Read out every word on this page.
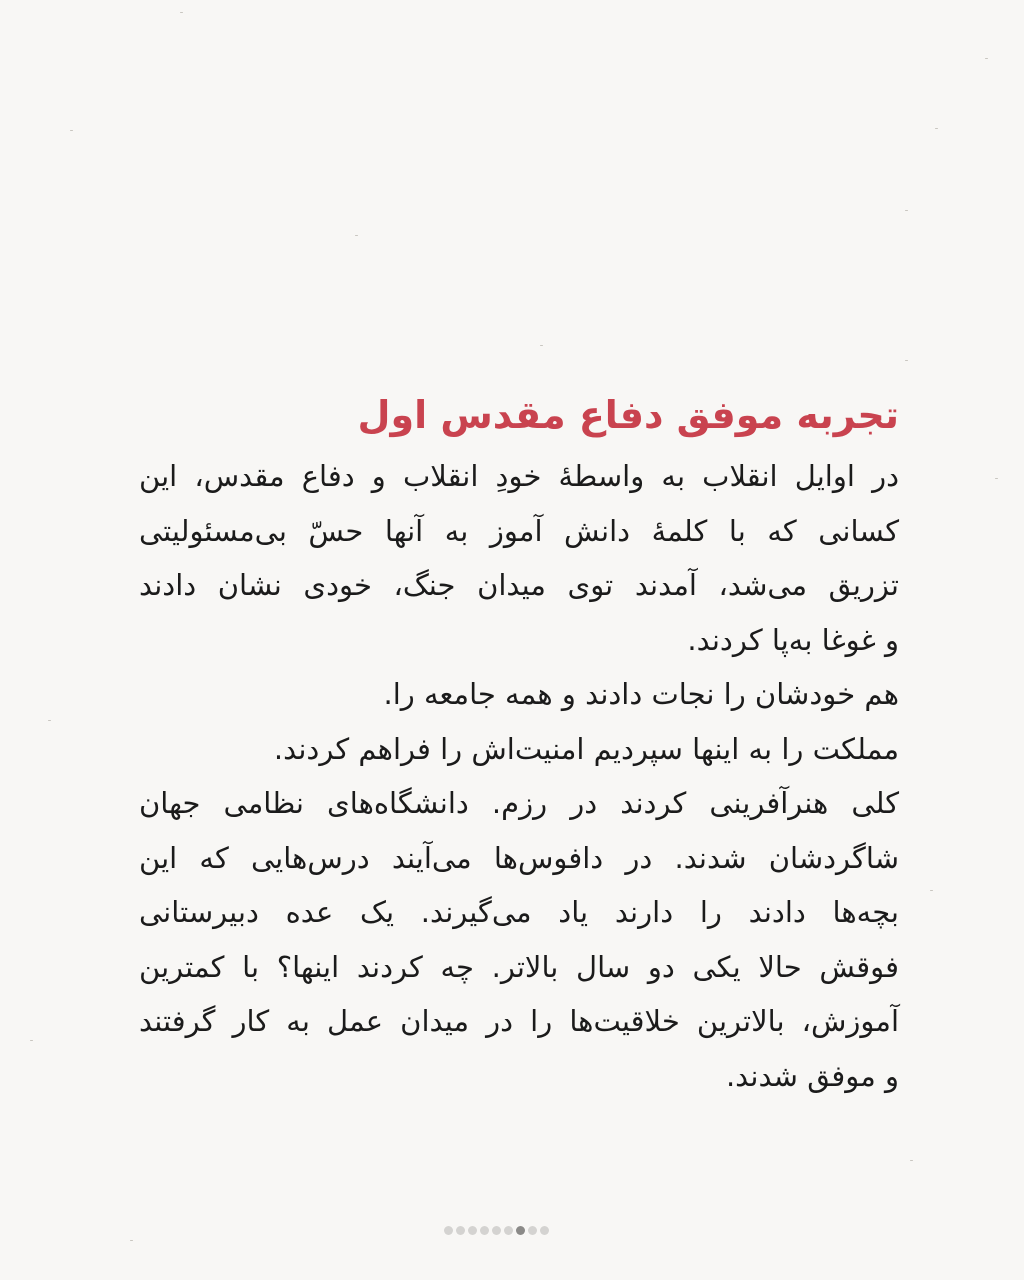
تجربه موفق دفاع مقدس اول
در اوایل انقلاب به واسطهٔ خودِ انقلاب و دفاع مقدس، این
کسانی که با کلمهٔ دانش آموز به آنها حسّ بی‌مسئولیتی
تزریق می‌شد، آمدند توی میدان جنگ، خودی نشان دادند
و غوغا به‌پا کردند.
هم خودشان را نجات دادند و همه جامعه را.
مملکت را به اینها سپردیم امنیت‌اش را فراهم کردند.
کلی هنرآفرینی کردند در رزم. دانشگاه‌های نظامی جهان
شاگردشان شدند. در دافوس‌ها می‌آیند درس‌هایی که این
بچه‌ها دادند را دارند یاد می‌گیرند. یک عده دبیرستانی
فوقش حالا یکی دو سال بالاتر. چه کردند اینها؟ با کمترین
آموزش، بالاترین خلاقیت‌ها را در میدان عمل به کار گرفتند
و موفق شدند.
